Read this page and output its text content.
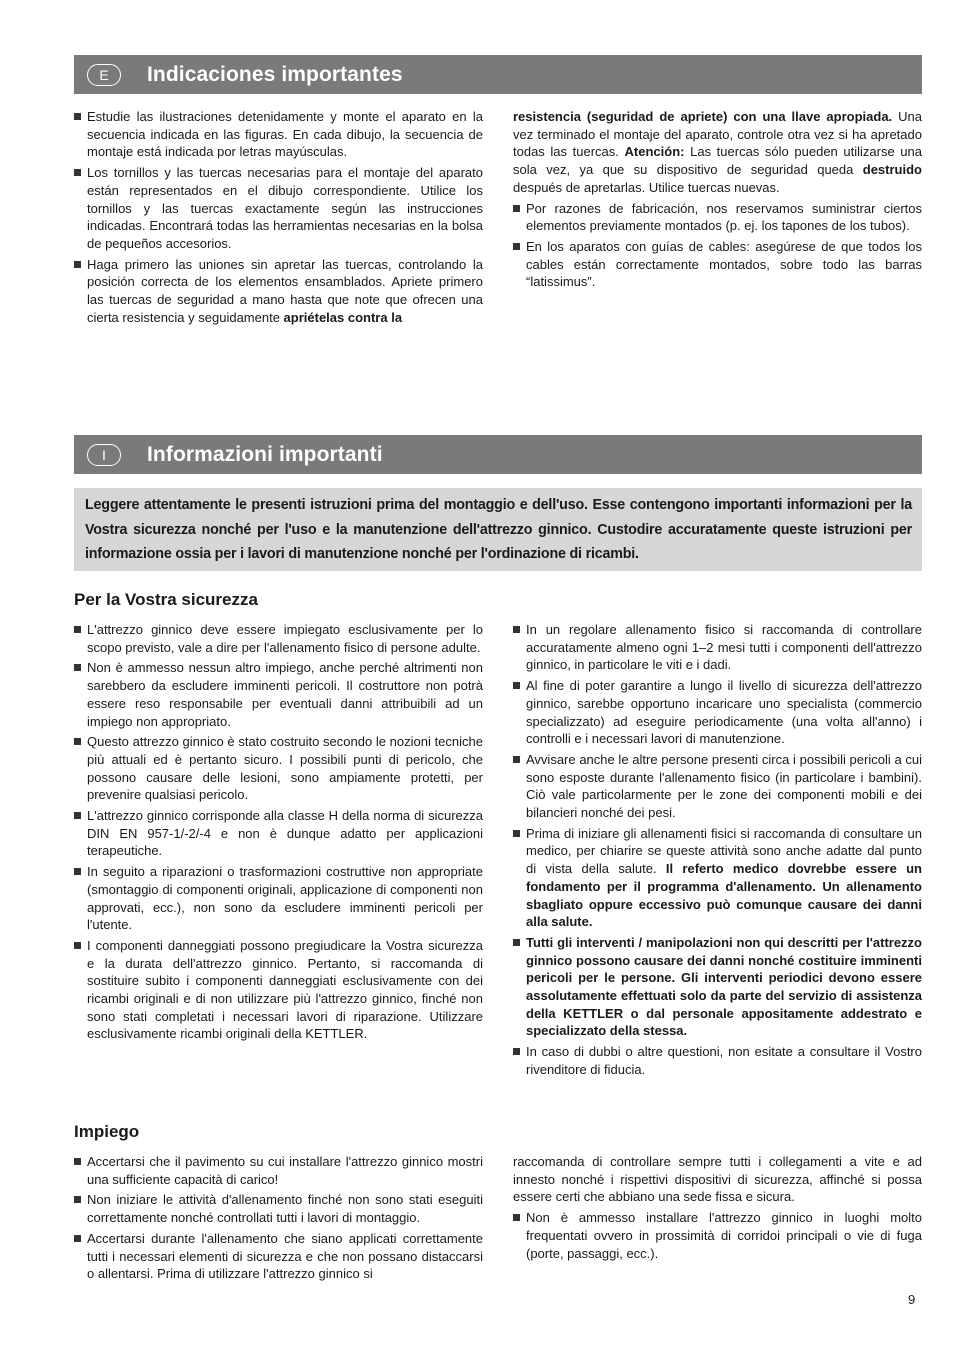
E	Indicaciones importantes
Estudie las ilustraciones detenidamente y monte el aparato en la secuencia indicada en las figuras. En cada dibujo, la secuencia de montaje está indicada por letras mayúsculas.
Los tornillos y las tuercas necesarias para el montaje del aparato están representados en el dibujo correspondiente. Utilice los tornillos y las tuercas exactamente según las instrucciones indicadas. Encontrará todas las herramientas necesarias en la bolsa de pequeños accesorios.
Haga primero las uniones sin apretar las tuercas, controlando la posición correcta de los elementos ensamblados. Apriete primero las tuercas de seguridad a mano hasta que note que ofrecen una cierta resistencia y seguidamente apriételas contra la
resistencia (seguridad de apriete) con una llave apropiada. Una vez terminado el montaje del aparato, controle otra vez si ha apretado todas las tuercas. Atención: Las tuercas sólo pueden utilizarse una sola vez, ya que su dispositivo de seguridad queda destruido después de apretarlas. Utilice tuercas nuevas.
Por razones de fabricación, nos reservamos suministrar ciertos elementos previamente montados (p. ej. los tapones de los tubos).
En los aparatos con guías de cables: asegúrese de que todos los cables están correctamente montados, sobre todo las barras “latissimus”.
I	Informazioni importanti
Leggere attentamente le presenti istruzioni prima del montaggio e dell'uso. Esse contengono importanti informazioni per la Vostra sicurezza nonché per l'uso e la manutenzione dell'attrezzo ginnico. Custodire accuratamente queste istruzioni per informazione ossia per i lavori di manutenzione nonché per l'ordinazione di ricambi.
Per la Vostra sicurezza
L'attrezzo ginnico deve essere impiegato esclusivamente per lo scopo previsto, vale a dire per l'allenamento fisico di persone adulte.
Non è ammesso nessun altro impiego, anche perché altrimenti non sarebbero da escludere imminenti pericoli. Il costruttore non potrà essere reso responsabile per eventuali danni attribuibili ad un impiego non appropriato.
Questo attrezzo ginnico è stato costruito secondo le nozioni tecniche più attuali ed è pertanto sicuro. I possibili punti di pericolo, che possono causare delle lesioni, sono ampiamente protetti, per prevenire qualsiasi pericolo.
L'attrezzo ginnico corrisponde alla classe H della norma di sicurezza DIN EN 957-1/-2/-4 e non è dunque adatto per applicazioni terapeutiche.
In seguito a riparazioni o trasformazioni costruttive non appropriate (smontaggio di componenti originali, applicazione di componenti non approvati, ecc.), non sono da escludere imminenti pericoli per l'utente.
I componenti danneggiati possono pregiudicare la Vostra sicurezza e la durata dell'attrezzo ginnico. Pertanto, si raccomanda di sostituire subito i componenti danneggiati esclusivamente con dei ricambi originali e di non utilizzare più l'attrezzo ginnico, finché non sono stati completati i necessari lavori di riparazione. Utilizzare esclusivamente ricambi originali della KETTLER.
In un regolare allenamento fisico si raccomanda di controllare accuratamente almeno ogni 1–2 mesi tutti i componenti dell'attrezzo ginnico, in particolare le viti e i dadi.
Al fine di poter garantire a lungo il livello di sicurezza dell'attrezzo ginnico, sarebbe opportuno incaricare uno specialista (commercio specializzato) ad eseguire periodicamente (una volta all'anno) i controlli e i necessari lavori di manutenzione.
Avvisare anche le altre persone presenti circa i possibili pericoli a cui sono esposte durante l'allenamento fisico (in particolare i bambini). Ciò vale particolarmente per le zone dei componenti mobili e dei bilancieri nonché dei pesi.
Prima di iniziare gli allenamenti fisici si raccomanda di consultare un medico, per chiarire se queste attività sono anche adatte dal punto di vista della salute. Il referto medico dovrebbe essere un fondamento per il programma d'allenamento. Un allenamento sbagliato oppure eccessivo può comunque causare dei danni alla salute.
Tutti gli interventi / manipolazioni non qui descritti per l'attrezzo ginnico possono causare dei danni nonché costituire imminenti pericoli per le persone. Gli interventi periodici devono essere assolutamente effettuati solo da parte del servizio di assistenza della KETTLER o dal personale appositamente addestrato e specializzato della stessa.
In caso di dubbi o altre questioni, non esitate a consultare il Vostro rivenditore di fiducia.
Impiego
Accertarsi che il pavimento su cui installare l'attrezzo ginnico mostri una sufficiente capacità di carico!
Non iniziare le attività d'allenamento finché non sono stati eseguiti correttamente nonché controllati tutti i lavori di montaggio.
Accertarsi durante l'allenamento che siano applicati correttamente tutti i necessari elementi di sicurezza e che non possano distaccarsi o allentarsi. Prima di utilizzare l'attrezzo ginnico si
raccomanda di controllare sempre tutti i collegamenti a vite e ad innesto nonché i rispettivi dispositivi di sicurezza, affinché si possa essere certi che abbiano una sede fissa e sicura.
Non è ammesso installare l'attrezzo ginnico in luoghi molto frequentati ovvero in prossimità di corridoi principali o vie di fuga (porte, passaggi, ecc.).
9
